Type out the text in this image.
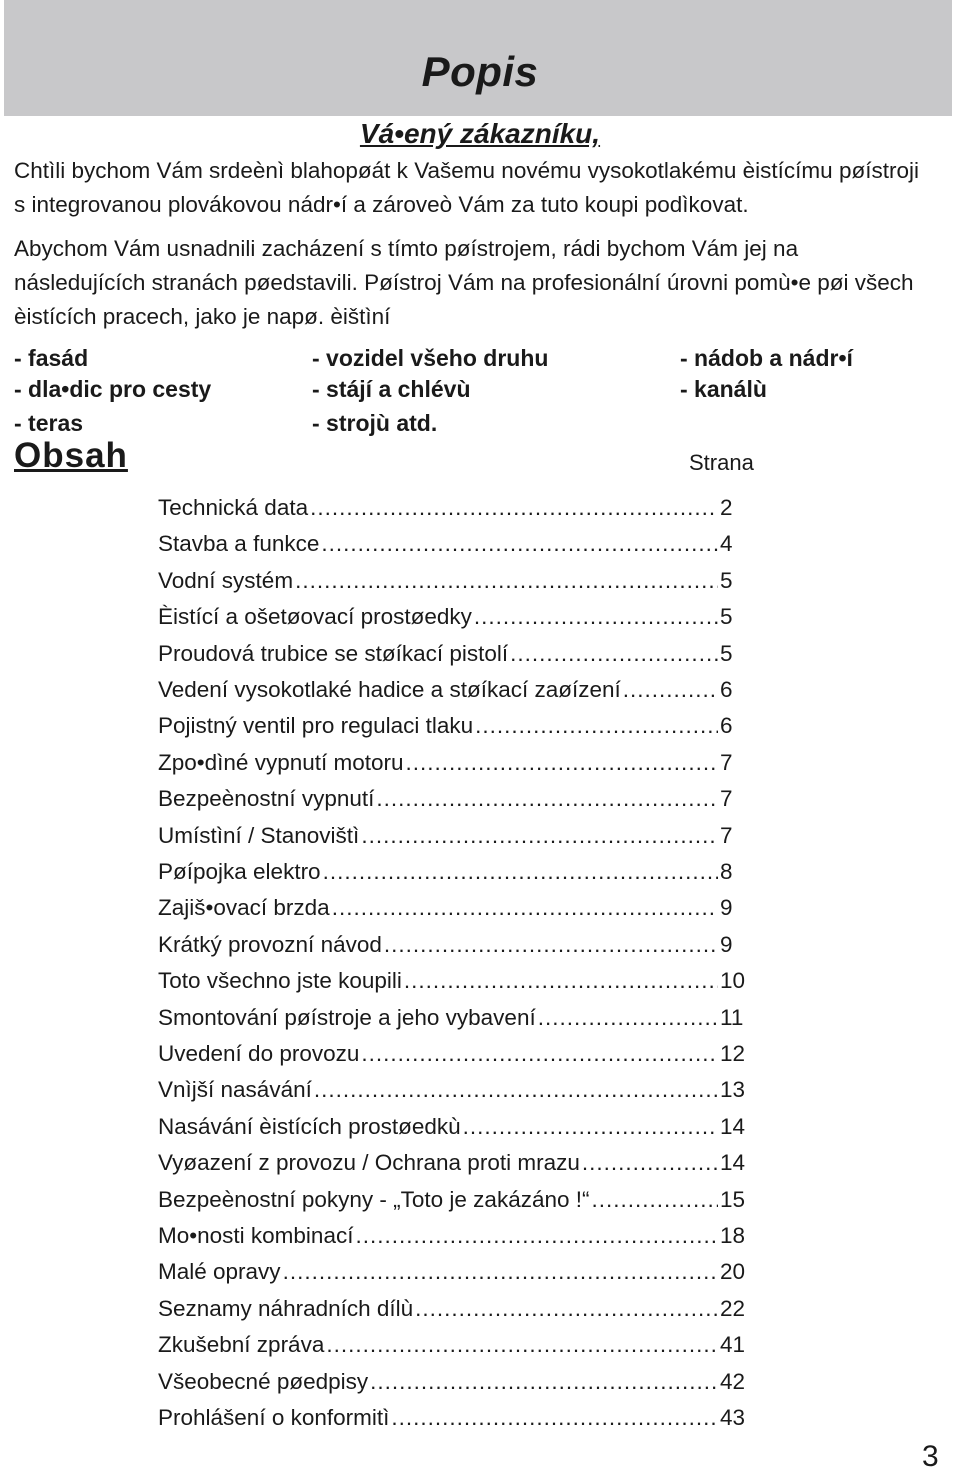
Popis
Vá•ený zákazníku,

Chtìli bychom Vám srdeènì blahopøát k Vašemu novému vysokotlakému èistícímu pøístroji s integrovanou plovákovou nádr•í a zároveò Vám za tuto koupi podìkovat.

Abychom Vám usnadnili zacházení s tímto pøístrojem, rádi bychom Vám jej na následujících stranách pøedstavili. Pøístroj Vám na profesionální úrovni pomù•e pøi všech èistících pracech, jako je napø. èištìní

- fasád
- dla•dic pro cesty
- teras
- vozidel všeho druhu
- stájí a chlévù
- strojù atd.
- nádob a nádr•í
- kanálù
Obsah	Strana
Technická data .....	2
Stavba a funkce .....	4
Vodní systém .....	5
Èistící a ošetøovací prostøedky .....	5
Proudová trubice se støíkací pistolí .....	5
Vedení vysokotlaké hadice a støíkací zaøízení .....	6
Pojistný ventil pro regulaci tlaku .....	6
Zpo•dìné vypnutí motoru .....	7
Bezpeènostní vypnutí .....	7
Umístìní / Stanovištì .....	7
Pøípojka elektro .....	8
Zajiš•ovací brzda .....	9
Krátký provozní návod .....	9
Toto všechno jste koupili .....	10
Smontování pøístroje a jeho vybavení .....	11
Uvedení do provozu .....	12
Vnìjší nasávání .....	13
Nasávání èistících prostøedkù .....	14
Vyøazení z provozu / Ochrana proti mrazu .....	14
Bezpeènostní pokyny - „Toto je zakázáno !“ .....	15
Mo•nosti kombinací .....	18
Malé opravy .....	20
Seznamy náhradních dílù .....	22
Zkušební zpráva .....	41
Všeobecné pøedpisy .....	42
Prohlášení o konformitì .....	43
3
